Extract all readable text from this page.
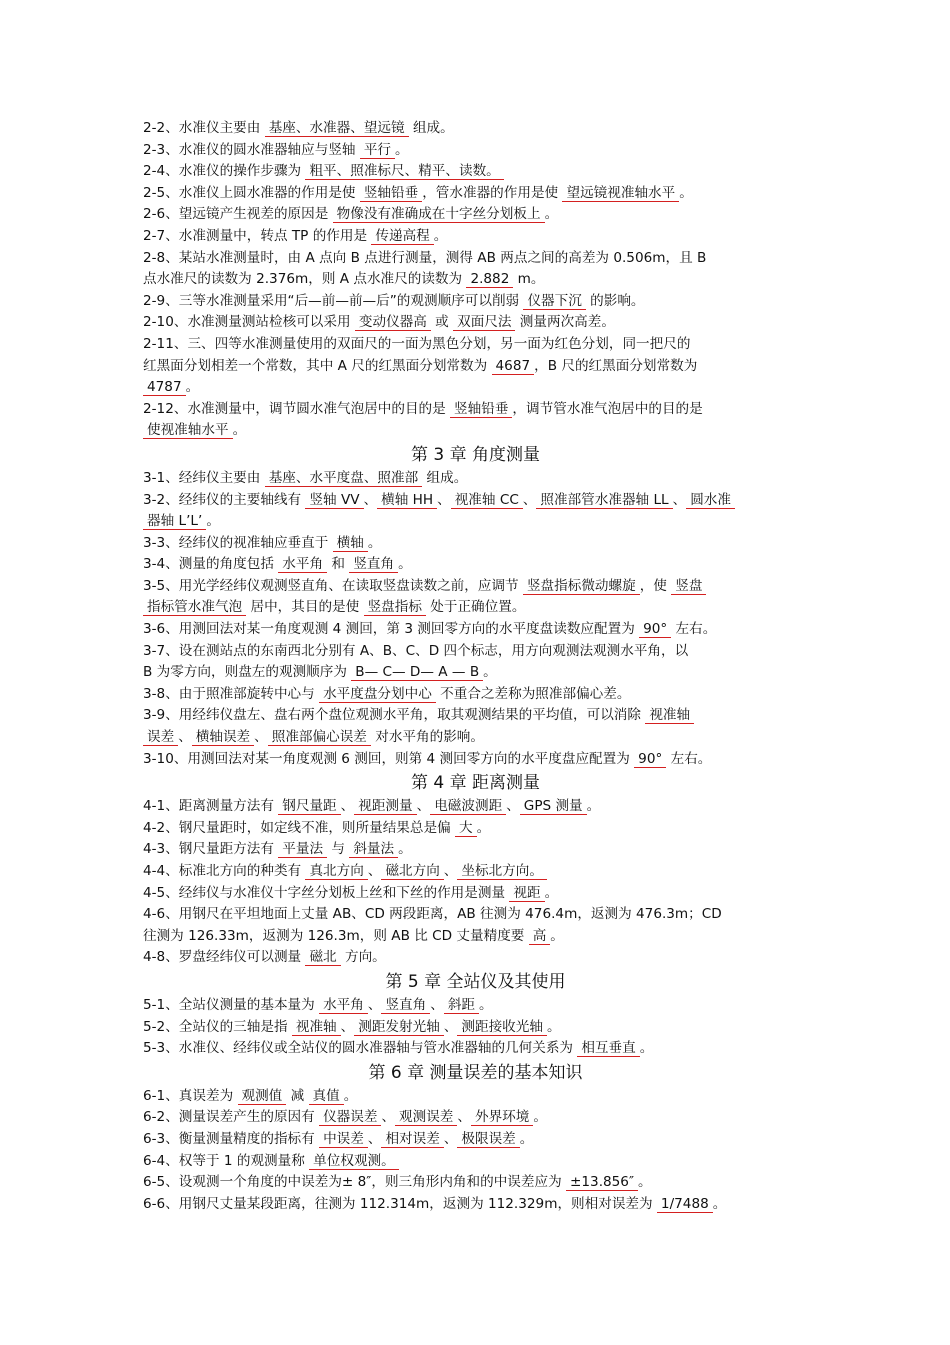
2-2、水准仪主要由 基座、水准器、望远镜 组成。
2-3、水准仪的圆水准器轴应与竖轴 平行 。
2-4、水准仪的操作步骤为 粗平、照准标尺、精平、读数。
2-5、水准仪上圆水准器的作用是使 竖轴铅垂 ，管水准器的作用是使 望远镜视准轴水平 。
2-6、望远镜产生视差的原因是 物像没有准确成在十字丝分划板上 。
2-7、水准测量中，转点 TP 的作用是 传递高程 。
2-8、某站水准测量时，由 A 点向 B 点进行测量，测得 AB 两点之间的高差为 0.506m，且 B
点水准尺的读数为 2.376m，则 A 点水准尺的读数为 2.882 m。
2-9、三等水准测量采用“后—前—前—后”的观测顺序可以削弱 仪器下沉 的影响。
2-10、水准测量测站检核可以采用 变动仪器高 或 双面尺法 测量两次高差。
2-11、三、四等水准测量使用的双面尺的一面为黑色分划，另一面为红色分划，同一把尺的
红黑面分划相差一个常数，其中 A 尺的红黑面分划常数为 4687 ，B 尺的红黑面分划常数为
4787 。
2-12、水准测量中，调节圆水准气泡居中的目的是 竖轴铅垂 ，调节管水准气泡居中的目的是
使视准轴水平 。
第 3 章 角度测量
3-1、经纬仪主要由 基座、水平度盘、照准部 组成。
3-2、经纬仪的主要轴线有 竖轴 VV 、 横轴 HH 、 视准轴 CC 、 照准部管水准器轴 LL 、 圆水准
器轴 L’L’ 。
3-3、经纬仪的视准轴应垂直于 横轴 。
3-4、测量的角度包括 水平角 和 竖直角 。
3-5、用光学经纬仪观测竖直角、在读取竖盘读数之前，应调节 竖盘指标微动螺旋 ，使 竖盘
指标管水准气泡 居中，其目的是使 竖盘指标 处于正确位置。
3-6、用测回法对某一角度观测 4 测回，第 3 测回零方向的水平度盘读数应配置为 90° 左右。
3-7、设在测站点的东南西北分别有 A、B、C、D 四个标志，用方向观测法观测水平角，以
B 为零方向，则盘左的观测顺序为 B— C— D— A — B 。
3-8、由于照准部旋转中心与 水平度盘分划中心 不重合之差称为照准部偏心差。
3-9、用经纬仪盘左、盘右两个盘位观测水平角，取其观测结果的平均值，可以消除 视准轴
误差 、 横轴误差 、 照准部偏心误差 对水平角的影响。
3-10、用测回法对某一角度观测 6 测回，则第 4 测回零方向的水平度盘应配置为 90° 左右。
第 4 章 距离测量
4-1、距离测量方法有 钢尺量距 、 视距测量 、 电磁波测距 、 GPS 测量 。
4-2、钢尺量距时，如定线不准，则所量结果总是偏 大 。
4-3、钢尺量距方法有 平量法 与 斜量法 。
4-4、标准北方向的种类有 真北方向 、 磁北方向 、 坐标北方向。
4-5、经纬仪与水准仪十字丝分划板上丝和下丝的作用是测量 视距 。
4-6、用钢尺在平坦地面上丈量 AB、CD 两段距离，AB 往测为 476.4m，返测为 476.3m；CD
往测为 126.33m，返测为 126.3m，则 AB 比 CD 丈量精度要 高 。
4-8、罗盘经纬仪可以测量 磁北 方向。
第 5 章 全站仪及其使用
5-1、全站仪测量的基本量为 水平角 、 竖直角 、 斜距 。
5-2、全站仪的三轴是指 视准轴 、 测距发射光轴 、 测距接收光轴 。
5-3、水准仪、经纬仪或全站仪的圆水准器轴与管水准器轴的几何关系为 相互垂直 。
第 6 章 测量误差的基本知识
6-1、真误差为 观测值 减 真值 。
6-2、测量误差产生的原因有 仪器误差 、 观测误差 、 外界环境 。
6-3、衡量测量精度的指标有 中误差 、 相对误差 、 极限误差 。
6-4、权等于 1 的观测量称 单位权观测。
6-5、设观测一个角度的中误差为± 8″，则三角形内角和的中误差应为 ±13.856″ 。
6-6、用钢尺丈量某段距离，往测为 112.314m，返测为 112.329m，则相对误差为 1/7488 。
